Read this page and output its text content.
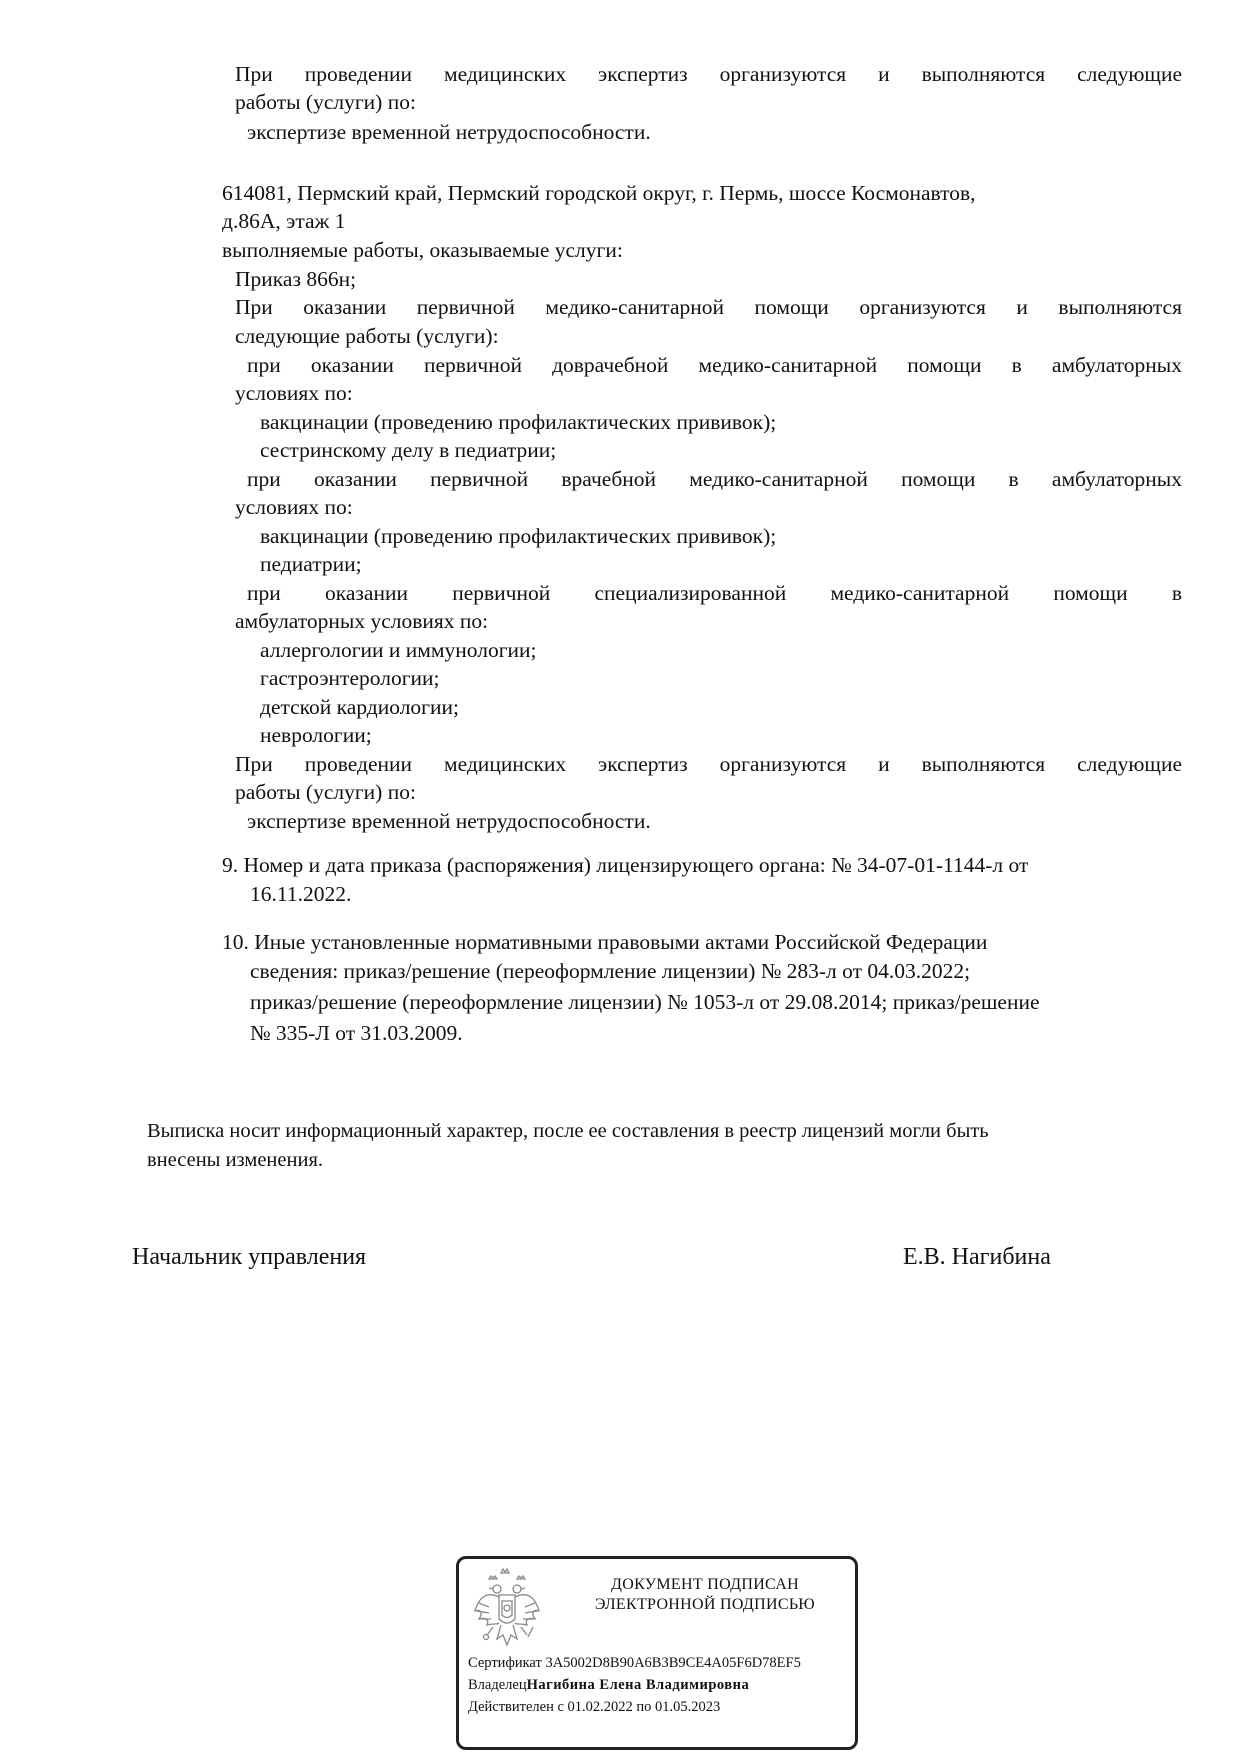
При проведении медицинских экспертиз организуются и выполняются следующие
работы (услуги) по:
экспертизе временной нетрудоспособности.
614081, Пермский край, Пермский городской округ, г. Пермь, шоссе Космонавтов,
д.86А, этаж 1
выполняемые работы, оказываемые услуги:
Приказ 866н;
При оказании первичной медико-санитарной помощи организуются и выполняются
следующие работы (услуги):
при оказании первичной доврачебной медико-санитарной помощи в амбулаторных
условиях по:
вакцинации (проведению профилактических прививок);
сестринскому делу в педиатрии;
при оказании первичной врачебной медико-санитарной помощи в амбулаторных
условиях по:
вакцинации (проведению профилактических прививок);
педиатрии;
при оказании первичной специализированной медико-санитарной помощи в
амбулаторных условиях по:
аллергологии и иммунологии;
гастроэнтерологии;
детской кардиологии;
неврологии;
При проведении медицинских экспертиз организуются и выполняются следующие
работы (услуги) по:
экспертизе временной нетрудоспособности.
9. Номер и дата приказа (распоряжения) лицензирующего органа: № 34-07-01-1144-л от
16.11.2022.
10. Иные установленные нормативными правовыми актами Российской Федерации
сведения: приказ/решение (переоформление лицензии) № 283-л от 04.03.2022;
приказ/решение (переоформление лицензии) № 1053-л от 29.08.2014; приказ/решение
№ 335-Л от 31.03.2009.
Выписка носит информационный характер, после ее составления в реестр лицензий могли быть
внесены изменения.
Начальник управления	Е.В. Нагибина
ДОКУМЕНТ ПОДПИСАН
ЭЛЕКТРОННОЙ ПОДПИСЬЮ
Сертификат 3A5002D8B90A6B3B9CE4A05F6D78EF5
ВладелецНагибина Елена Владимировна
Действителен с 01.02.2022 по 01.05.2023
